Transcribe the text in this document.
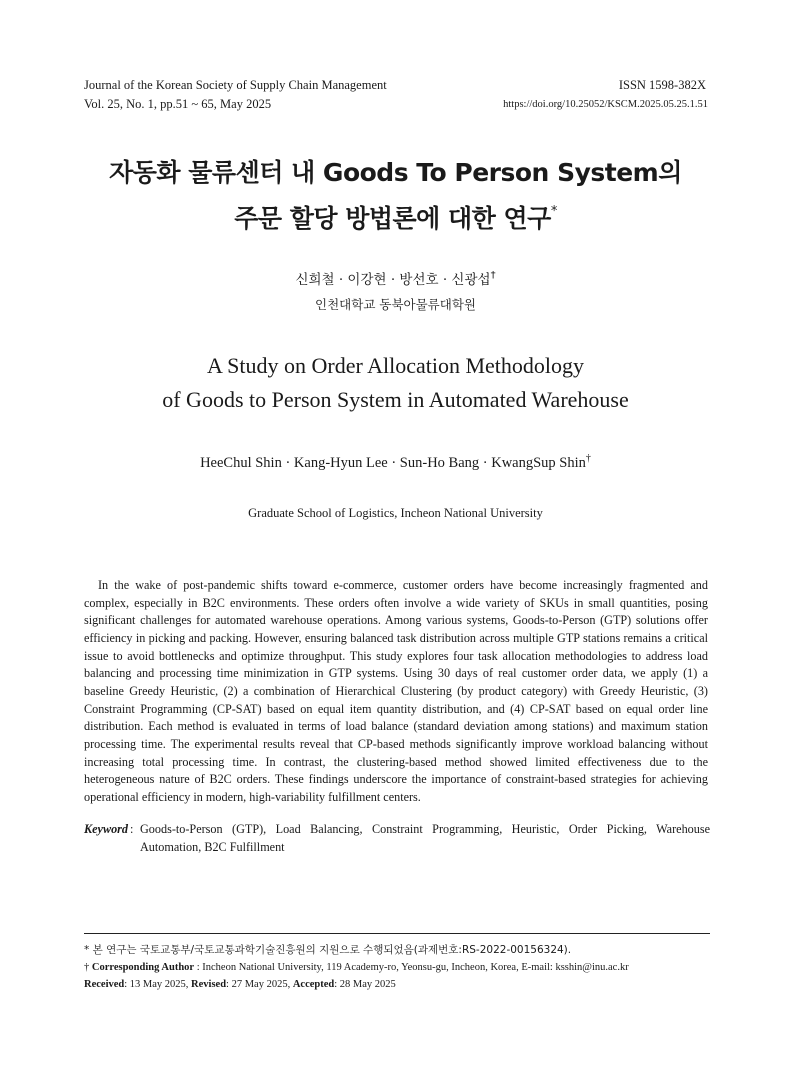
Journal of the Korean Society of Supply Chain Management
Vol. 25, No. 1, pp.51 ~ 65, May 2025
ISSN 1598-382X
https://doi.org/10.25052/KSCM.2025.05.25.1.51
자동화 물류센터 내 Goods To Person System의
주문 할당 방법론에 대한 연구*
신희철 · 이강현 · 방선호 · 신광섭†
인천대학교 동북아물류대학원
A Study on Order Allocation Methodology
of Goods to Person System in Automated Warehouse
HeeChul Shin · Kang-Hyun Lee · Sun-Ho Bang · KwangSup Shin†
Graduate School of Logistics, Incheon National University

In the wake of post-pandemic shifts toward e-commerce, customer orders have become increasingly fragmented and complex, especially in B2C environments. These orders often involve a wide variety of SKUs in small quantities, posing significant challenges for automated warehouse operations. Among various systems, Goods-to-Person (GTP) solutions offer efficiency in picking and packing. However, ensuring balanced task distribution across multiple GTP stations remains a critical issue to avoid bottlenecks and optimize throughput. This study explores four task allocation methodologies to address load balancing and processing time minimization in GTP systems. Using 30 days of real customer order data, we apply (1) a baseline Greedy Heuristic, (2) a combination of Hierarchical Clustering (by product category) with Greedy Heuristic, (3) Constraint Programming (CP-SAT) based on equal item quantity distribution, and (4) CP-SAT based on equal order line distribution. Each method is evaluated in terms of load balance (standard deviation among stations) and maximum station processing time. The experimental results reveal that CP-based methods significantly improve workload balancing without increasing total processing time. In contrast, the clustering-based method showed limited effectiveness due to the heterogeneous nature of B2C orders. These findings underscore the importance of constraint-based strategies for achieving operational efficiency in modern, high-variability fulfillment centers.

Keyword : Goods-to-Person (GTP), Load Balancing, Constraint Programming, Heuristic, Order Picking, Warehouse Automation, B2C Fulfillment
* 본 연구는 국토교통부/국토교통과학기술진흥원의 지원으로 수행되었음(과제번호:RS-2022-00156324).
† Corresponding Author : Incheon National University, 119 Academy-ro, Yeonsu-gu, Incheon, Korea, E-mail: ksshin@inu.ac.kr
Received: 13 May 2025, Revised: 27 May 2025, Accepted: 28 May 2025
